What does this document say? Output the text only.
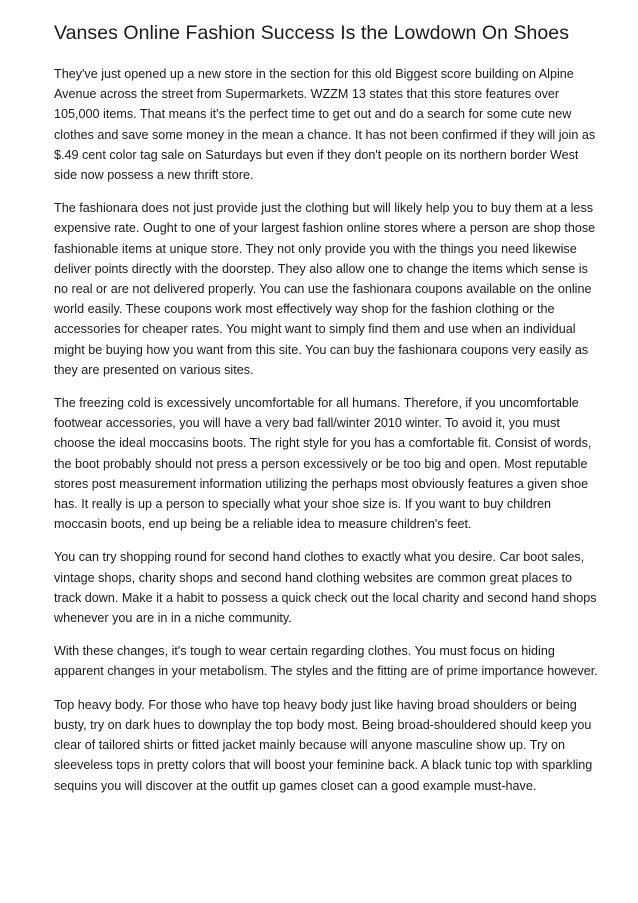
Vanses Online Fashion Success Is the Lowdown On Shoes

They've just opened up a new store in the section for this old Biggest score building on Alpine Avenue across the street from Supermarkets. WZZM 13 states that this store features over 105,000 items. That means it's the perfect time to get out and do a search for some cute new clothes and save some money in the mean a chance. It has not been confirmed if they will join as $.49 cent color tag sale on Saturdays but even if they don't people on its northern border West side now possess a new thrift store.

The fashionara does not just provide just the clothing but will likely help you to buy them at a less expensive rate. Ought to one of your largest fashion online stores where a person are shop those fashionable items at unique store. They not only provide you with the things you need likewise deliver points directly with the doorstep. They also allow one to change the items which sense is no real or are not delivered properly. You can use the fashionara coupons available on the online world easily. These coupons work most effectively way shop for the fashion clothing or the accessories for cheaper rates. You might want to simply find them and use when an individual might be buying how you want from this site. You can buy the fashionara coupons very easily as they are presented on various sites.

The freezing cold is excessively uncomfortable for all humans. Therefore, if you uncomfortable footwear accessories, you will have a very bad fall/winter 2010 winter. To avoid it, you must choose the ideal moccasins boots. The right style for you has a comfortable fit. Consist of words, the boot probably should not press a person excessively or be too big and open. Most reputable stores post measurement information utilizing the perhaps most obviously features a given shoe has. It really is up a person to specially what your shoe size is. If you want to buy children moccasin boots, end up being be a reliable idea to measure children's feet.

You can try shopping round for second hand clothes to exactly what you desire. Car boot sales, vintage shops, charity shops and second hand clothing websites are common great places to track down. Make it a habit to possess a quick check out the local charity and second hand shops whenever you are in in a niche community.

With these changes, it's tough to wear certain regarding clothes. You must focus on hiding apparent changes in your metabolism. The styles and the fitting are of prime importance however.

Top heavy body. For those who have top heavy body just like having broad shoulders or being busty, try on dark hues to downplay the top body most. Being broad-shouldered should keep you clear of tailored shirts or fitted jacket mainly because will anyone masculine show up. Try on sleeveless tops in pretty colors that will boost your feminine back. A black tunic top with sparkling sequins you will discover at the outfit up games closet can a good example must-have.
